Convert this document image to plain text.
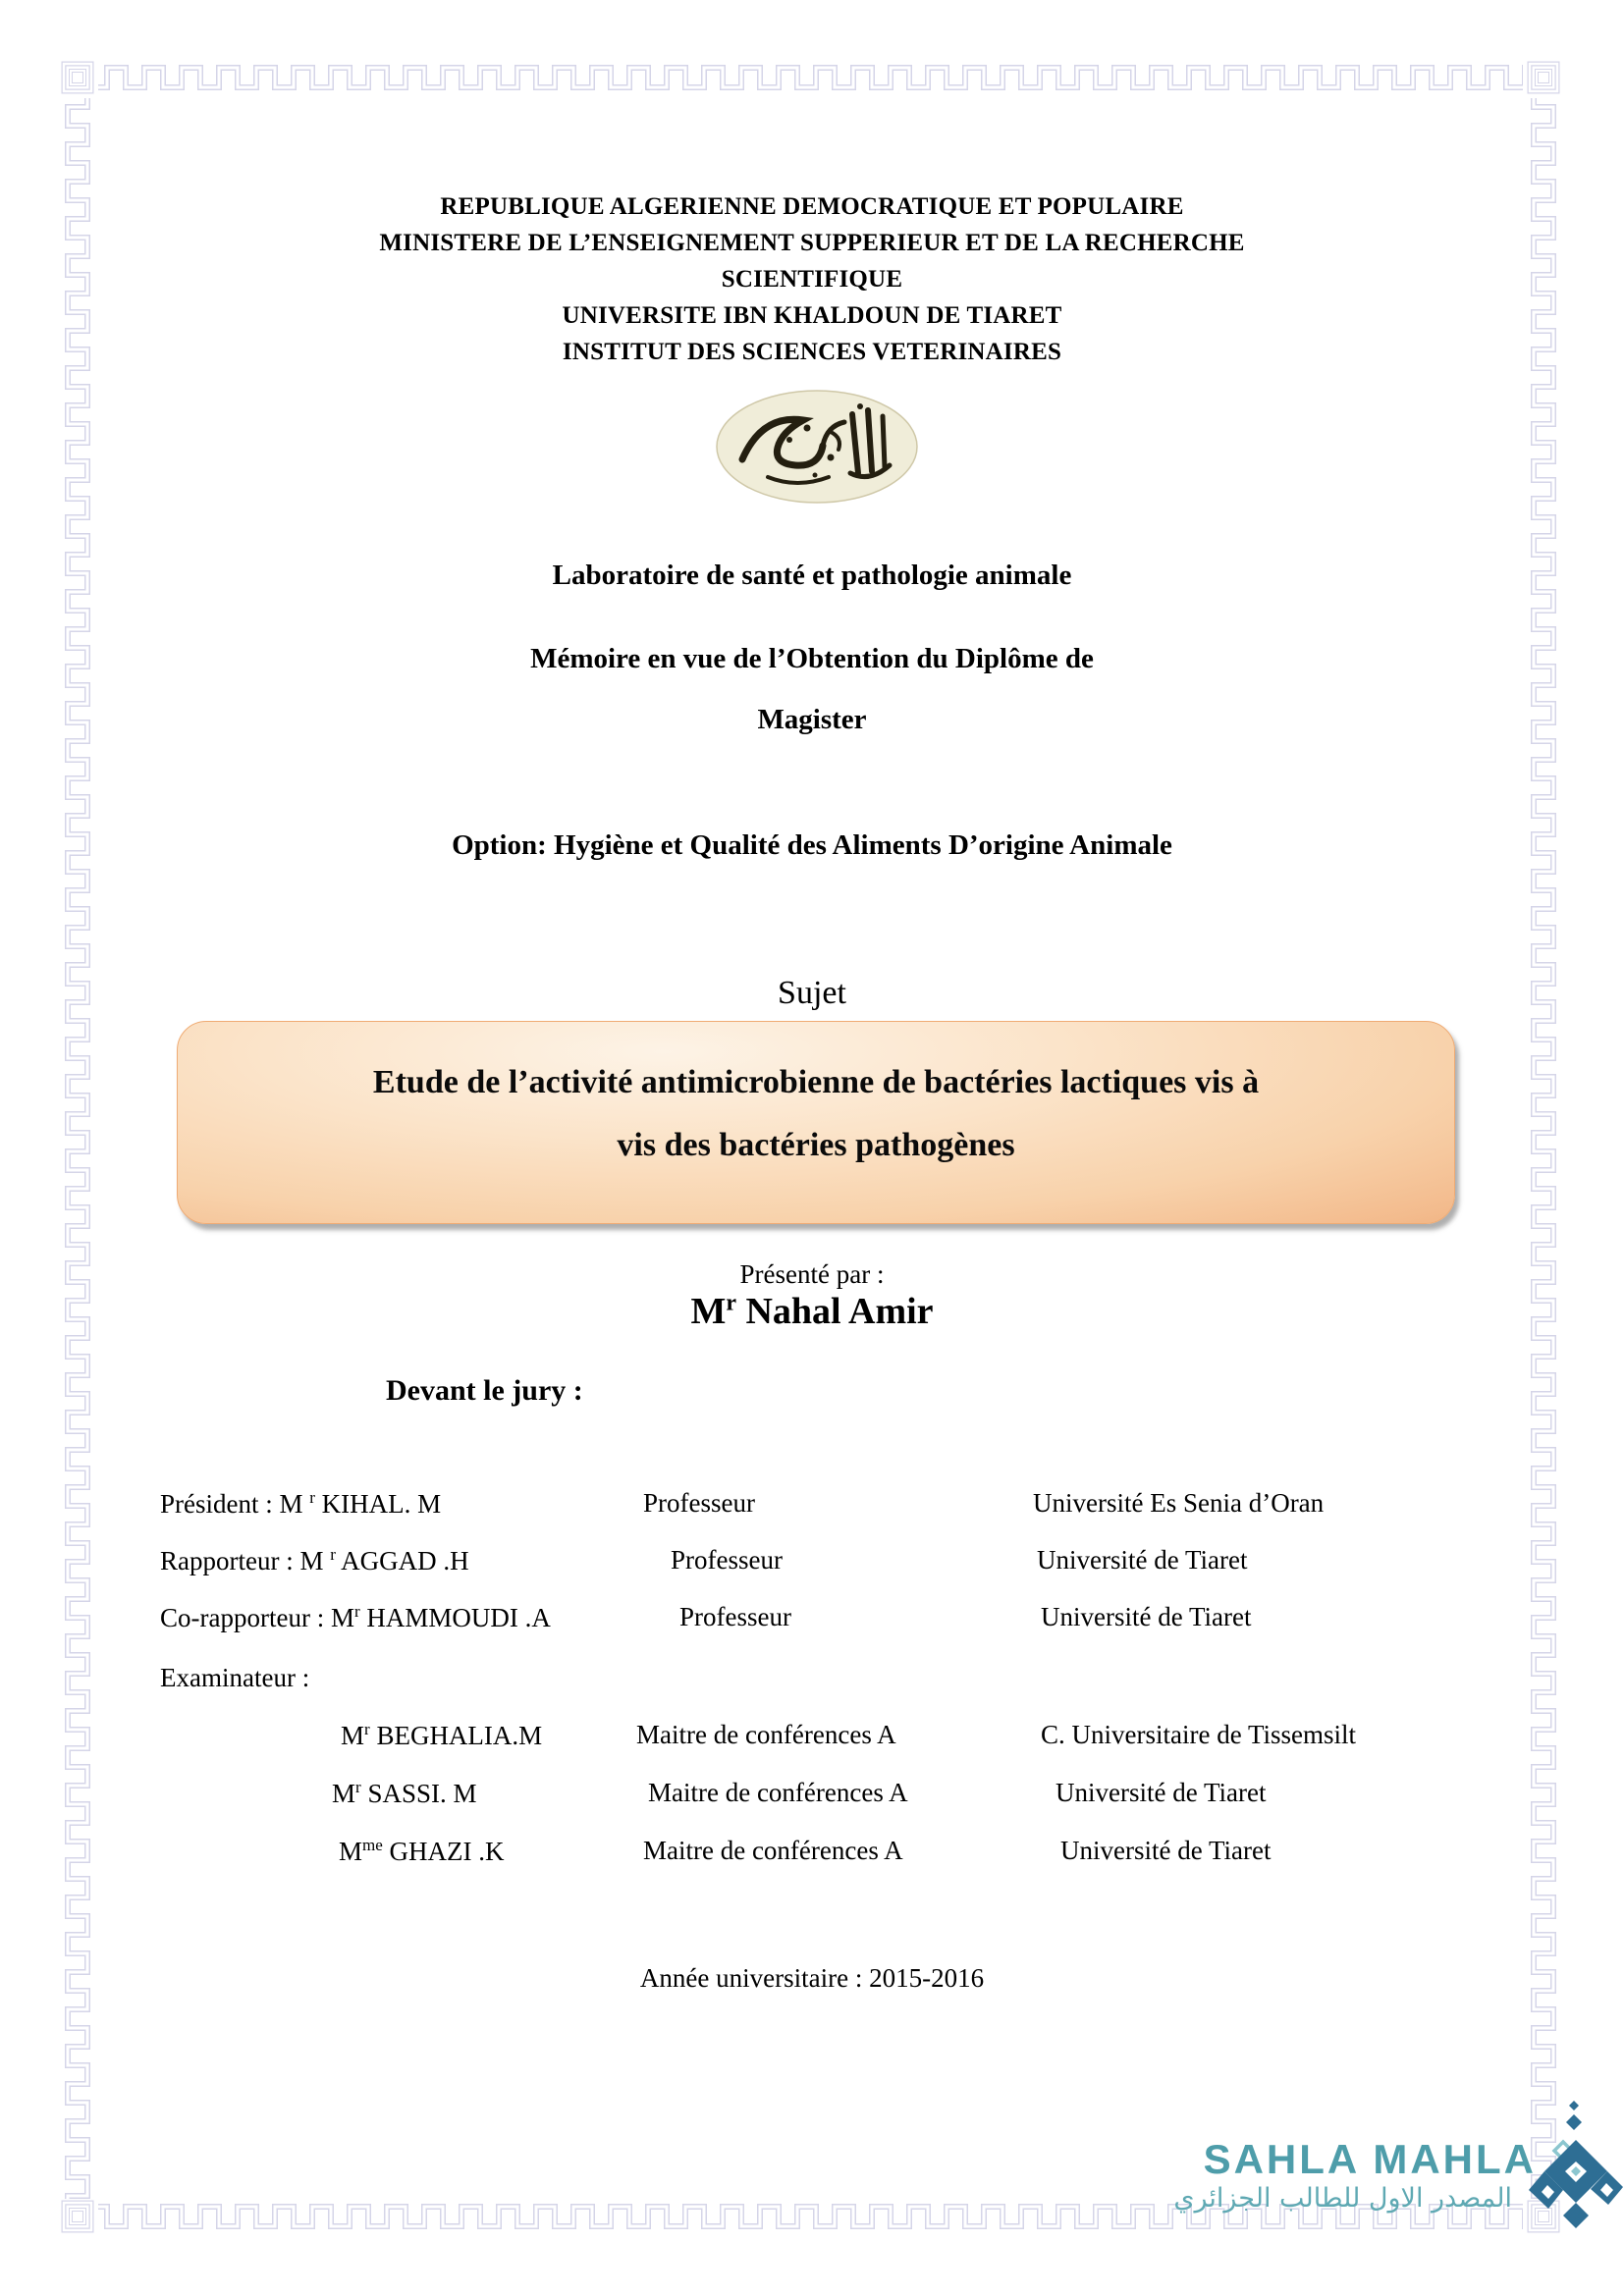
REPUBLIQUE ALGERIENNE DEMOCRATIQUE ET POPULAIRE
MINISTERE DE L’ENSEIGNEMENT SUPPERIEUR ET DE LA RECHERCHE
SCIENTIFIQUE
UNIVERSITE IBN KHALDOUN DE TIARET
INSTITUT DES SCIENCES VETERINAIRES
Laboratoire de santé et pathologie animale
Mémoire en vue de l’Obtention du Diplôme de
Magister
Option: Hygiène et Qualité des Aliments D’origine Animale
Sujet
Etude de l’activité antimicrobienne de bactéries lactiques vis à
vis des bactéries pathogènes
Présenté par :
$M^r$ Nahal Amir
Devant le jury :
Président : M $^r$ KIHAL. M	Professeur	Université Es Senia d’Oran
Rapporteur : M $^r$ AGGAD .H	Professeur	Université de Tiaret
Co-rapporteur : $M^r$ HAMMOUDI .A	Professeur	Université de Tiaret
Examinateur :
$M^r$ BEGHALIA.M	Maitre de conférences A	C. Universitaire de Tissemsilt
$M^r$ SASSI. M	Maitre de conférences A	Université de Tiaret
$M^{me}$ GHAZI .K	Maitre de conférences A	Université de Tiaret
Année universitaire : 2015-2016
SAHLA MAHLA
المصدر الاول للطالب الجزائري
